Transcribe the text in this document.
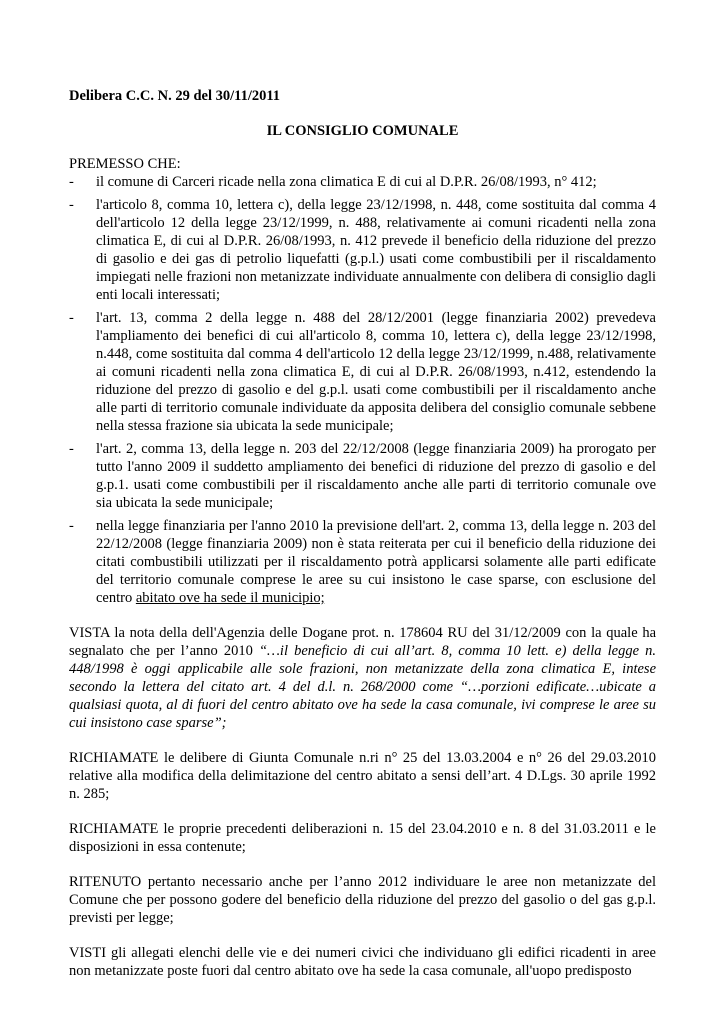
Delibera C.C. N. 29 del 30/11/2011

IL CONSIGLIO COMUNALE

PREMESSO CHE:

- il comune di Carceri ricade nella zona climatica E di cui al D.P.R. 26/08/1993, n° 412;
- l'articolo 8, comma 10, lettera c), della legge 23/12/1998, n. 448, come sostituita dal comma 4 dell'articolo 12 della legge 23/12/1999, n. 488, relativamente ai comuni ricadenti nella zona climatica E, di cui al D.P.R. 26/08/1993, n. 412 prevede il beneficio della riduzione del prezzo di gasolio e dei gas di petrolio liquefatti (g.p.l.) usati come combustibili per il riscaldamento impiegati nelle frazioni non metanizzate individuate annualmente con delibera di consiglio dagli enti locali interessati;
- l'art. 13, comma 2 della legge n. 488 del 28/12/2001 (legge finanziaria 2002) prevedeva l'ampliamento dei benefici di cui all'articolo 8, comma 10, lettera c), della legge 23/12/1998, n.448, come sostituita dal comma 4 dell'articolo 12 della legge 23/12/1999, n.488, relativamente ai comuni ricadenti nella zona climatica E, di cui al D.P.R. 26/08/1993, n.412, estendendo la riduzione del prezzo di gasolio e del g.p.l. usati come combustibili per il riscaldamento anche alle parti di territorio comunale individuate da apposita delibera del consiglio comunale sebbene nella stessa frazione sia ubicata la sede municipale;
- l'art. 2, comma 13, della legge n. 203 del 22/12/2008 (legge finanziaria 2009) ha prorogato per tutto l'anno 2009 il suddetto ampliamento dei benefici di riduzione del prezzo di gasolio e del g.p.1. usati come combustibili per il riscaldamento anche alle parti di territorio comunale ove sia ubicata la sede municipale;
- nella legge finanziaria per l'anno 2010 la previsione dell'art. 2, comma 13, della legge n. 203 del 22/12/2008 (legge finanziaria 2009) non è stata reiterata per cui il beneficio della riduzione dei citati combustibili utilizzati per il riscaldamento potrà applicarsi solamente alle parti edificate del territorio comunale comprese le aree su cui insistono le case sparse, con esclusione del centro abitato ove ha sede il municipio;

VISTA la nota della dell'Agenzia delle Dogane prot. n. 178604 RU del 31/12/2009 con la quale ha segnalato che per l’anno 2010 “…il beneficio di cui all’art. 8, comma 10 lett. e) della legge n. 448/1998 è oggi applicabile alle sole frazioni, non metanizzate della zona climatica E, intese secondo la lettera del citato art. 4 del d.l. n. 268/2000 come “…porzioni edificate…ubicate a qualsiasi quota, al di fuori del centro abitato ove ha sede la casa comunale, ivi comprese le aree su cui insistono case sparse”;

RICHIAMATE le delibere di Giunta Comunale n.ri n° 25 del 13.03.2004 e n° 26 del 29.03.2010 relative alla modifica della delimitazione del centro abitato a sensi dell’art. 4 D.Lgs. 30 aprile 1992 n. 285;

RICHIAMATE le proprie precedenti deliberazioni n. 15 del 23.04.2010 e n. 8 del 31.03.2011 e le disposizioni in essa contenute;

RITENUTO pertanto necessario anche per l’anno 2012 individuare le aree non metanizzate del Comune che per possono godere del beneficio della riduzione del prezzo del gasolio o del gas g.p.l. previsti per legge;

VISTI gli allegati elenchi delle vie e dei numeri civici che individuano gli edifici ricadenti in aree non metanizzate poste fuori dal centro abitato ove ha sede la casa comunale, all'uopo predisposto
